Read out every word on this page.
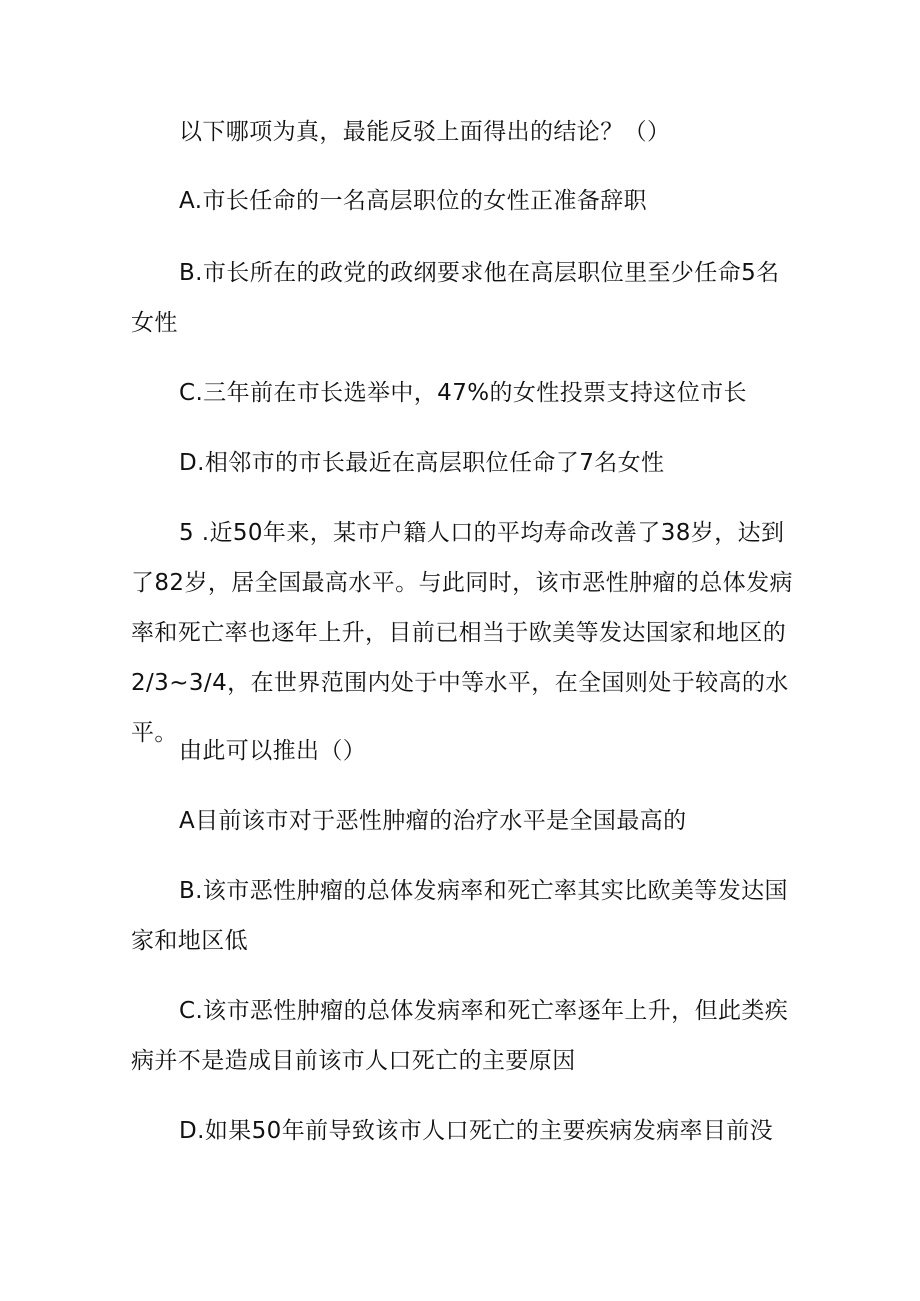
以下哪项为真，最能反驳上面得出的结论？（）

A.市长任命的一名高层职位的女性正准备辞职

B.市长所在的政党的政纲要求他在高层职位里至少任命5名女性

C.三年前在市长选举中，47%的女性投票支持这位市长

D.相邻市的市长最近在高层职位任命了7名女性

5 .近50年来，某市户籍人口的平均寿命改善了38岁，达到了82岁，居全国最高水平。与此同时，该市恶性肿瘤的总体发病率和死亡率也逐年上升，目前已相当于欧美等发达国家和地区的2/3~3/4，在世界范围内处于中等水平，在全国则处于较高的水平。

由此可以推出（）

A目前该市对于恶性肿瘤的治疗水平是全国最高的

B.该市恶性肿瘤的总体发病率和死亡率其实比欧美等发达国家和地区低

C.该市恶性肿瘤的总体发病率和死亡率逐年上升，但此类疾病并不是造成目前该市人口死亡的主要原因

D.如果50年前导致该市人口死亡的主要疾病发病率目前没
